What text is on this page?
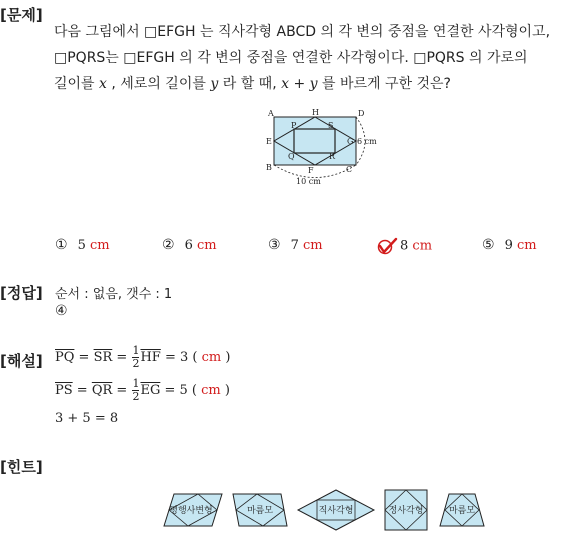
[문제]
다음 그림에서 □EFGH 는 직사각형 ABCD 의 각 변의 중점을 연결한 사각형이고,
□PQRS는 □EFGH 의 각 변의 중점을 연결한 사각형이다. □PQRS 의 가로의
길이를 x , 세로의 길이를 y 라 할 때, x + y 를 바르게 구한 것은?
A	H	D
P	S
E	G
Q	R
B	F	C
6 cm
10 cm
① 5 cm	② 6 cm	③ 7 cm	8 cm	⑤ 9 cm
[정답] 순서 : 없음, 갯수 : 1
④
[해설] $\overline{PQ} = \overline{SR} = \frac{1}{2} \overline{HF} = 3$ ( cm )
$\overline{PS} = \overline{QR} = \frac{1}{2} \overline{EG} = 5$ ( cm )
3 + 5 = 8
[힌트]
평행사변형	마름모	직사각형	정사각형	마름모
